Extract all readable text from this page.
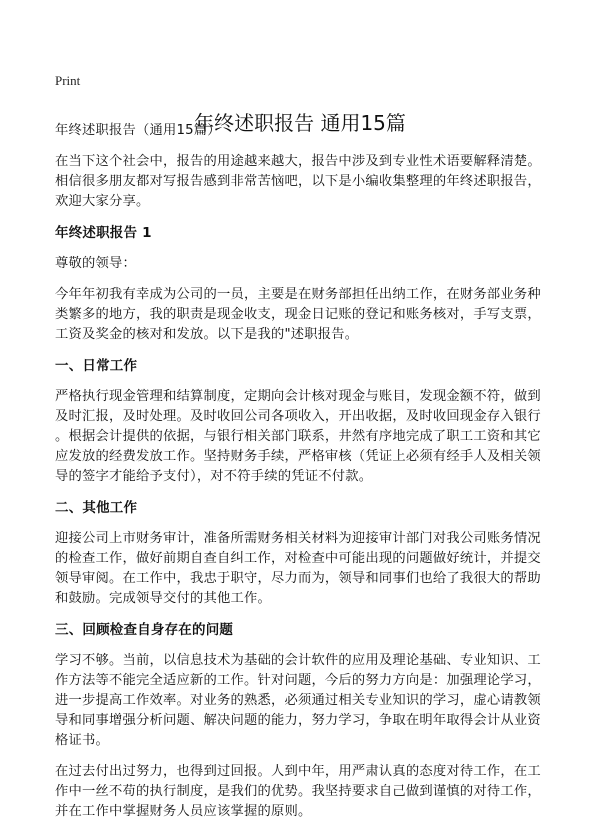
Print
年终述职报告 通用15篇
年终述职报告（通用15篇）
在当下这个社会中，报告的用途越来越大，报告中涉及到专业性术语要解释清楚。
相信很多朋友都对写报告感到非常苦恼吧，以下是小编收集整理的年终述职报告，
欢迎大家分享。
年终述职报告 1
尊敬的领导：
今年年初我有幸成为公司的一员，主要是在财务部担任出纳工作，在财务部业务种
类繁多的地方，我的职责是现金收支，现金日记账的登记和账务核对，手写支票，
工资及奖金的核对和发放。以下是我的"述职报告。
一、日常工作
严格执行现金管理和结算制度，定期向会计核对现金与账目，发现金额不符，做到
及时汇报，及时处理。及时收回公司各项收入，开出收据，及时收回现金存入银行
。根据会计提供的依据，与银行相关部门联系，井然有序地完成了职工工资和其它
应发放的经费发放工作。坚持财务手续，严格审核（凭证上必须有经手人及相关领
导的签字才能给予支付），对不符手续的凭证不付款。
二、其他工作
迎接公司上市财务审计，准备所需财务相关材料为迎接审计部门对我公司账务情况
的检查工作，做好前期自查自纠工作，对检查中可能出现的问题做好统计，并提交
领导审阅。在工作中，我忠于职守，尽力而为，领导和同事们也给了我很大的帮助
和鼓励。完成领导交付的其他工作。
三、回顾检查自身存在的问题
学习不够。当前，以信息技术为基础的会计软件的应用及理论基础、专业知识、工
作方法等不能完全适应新的工作。针对问题，今后的努力方向是：加强理论学习，
进一步提高工作效率。对业务的熟悉，必须通过相关专业知识的学习，虚心请教领
导和同事增强分析问题、解决问题的能力，努力学习，争取在明年取得会计从业资
格证书。
在过去付出过努力，也得到过回报。人到中年，用严肃认真的态度对待工作，在工
作中一丝不苟的执行制度，是我们的优势。我坚持要求自己做到谨慎的对待工作，
并在工作中掌握财务人员应该掌握的原则。
